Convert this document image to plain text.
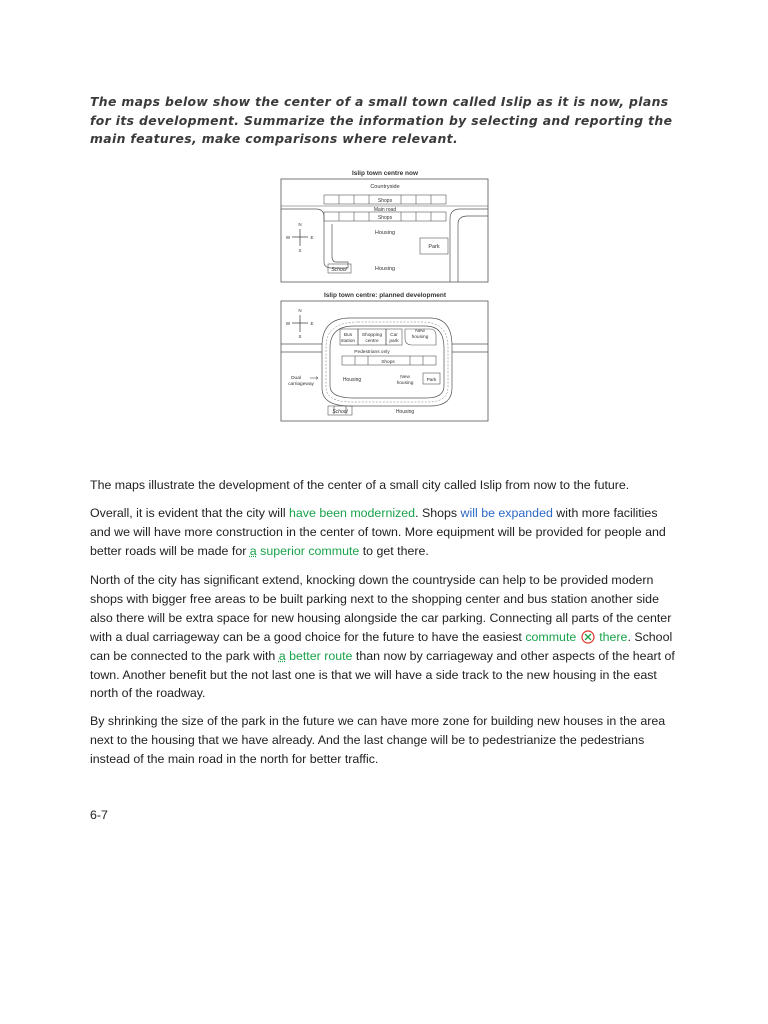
The maps below show the center of a small town called Islip as it is now, plans for its development. Summarize the information by selecting and reporting the main features, make comparisons where relevant.

Islip town centre now
Countryside
Shops
Main road
Shops
Housing
Park
School	Housing
N
S
W	E
Islip town centre: planned development
N
S
W	E
Bus
station
Shopping
centre
Car
park
New
housing
Pedestrians only
Shops
Housing	New
housing
Park
Dual
carriageway
School	Housing

The maps illustrate the development of the center of a small city called Islip from now to the future.

Overall, it is evident that the city will have been modernized. Shops will be expanded with more facilities and we will have more construction in the center of town. More equipment will be provided for people and better roads will be made for a superior commute to get there.

North of the city has significant extend, knocking down the countryside can help to be provided modern shops with bigger free areas to be built parking next to the shopping center and bus station another side also there will be extra space for new housing alongside the car parking. Connecting all parts of the center with a dual carriageway can be a good choice for the future to have the easiest commute  there. School can be connected to the park with a better route than now by carriageway and other aspects of the heart of town. Another benefit but the not last one is that we will have a side track to the new housing in the east north of the roadway.

By shrinking the size of the park in the future we can have more zone for building new houses in the area next to the housing that we have already. And the last change will be to pedestrianize the pedestrians instead of the main road in the north for better traffic.

6-7
